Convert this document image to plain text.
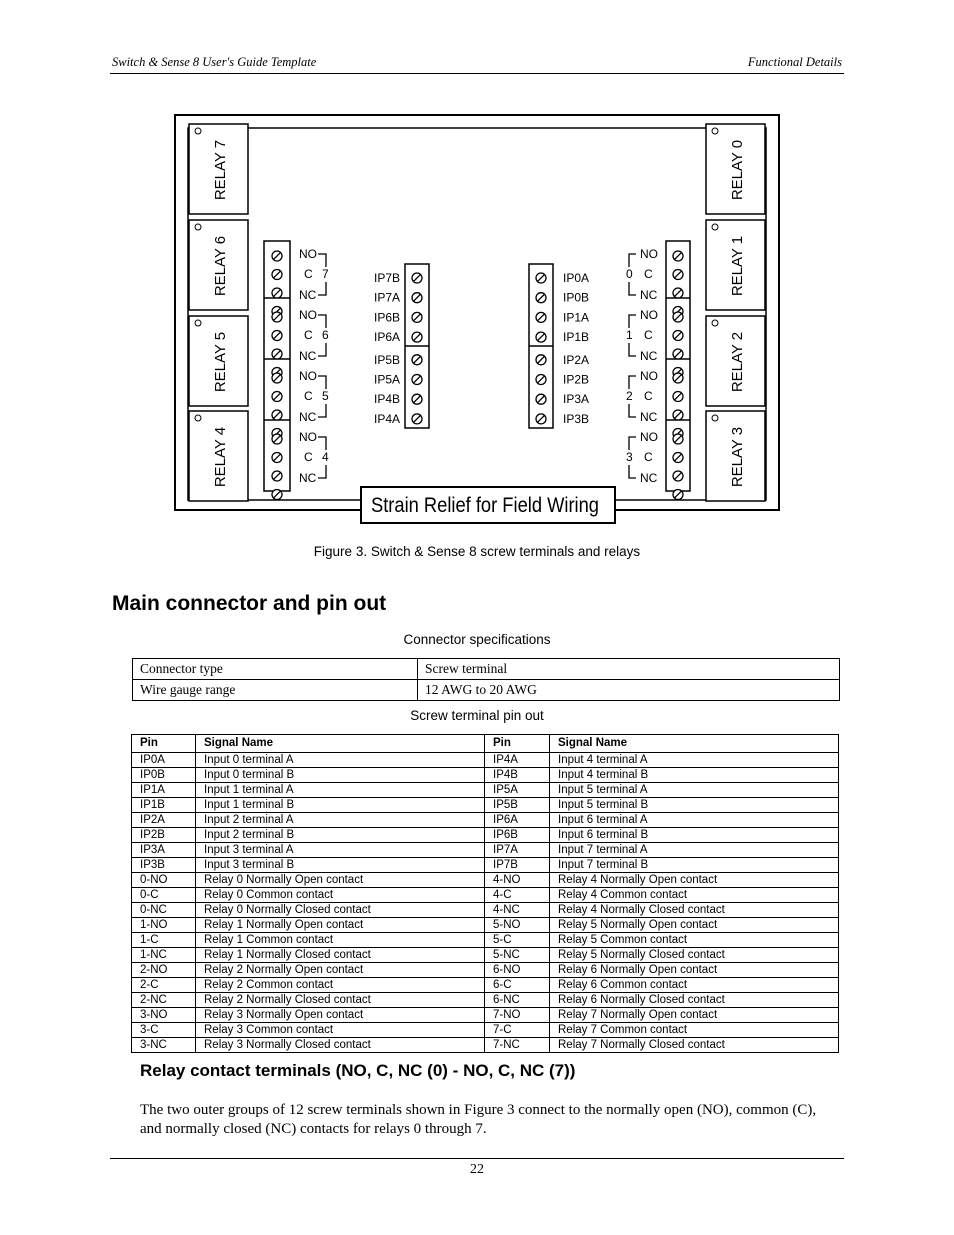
Switch & Sense 8 User's Guide Template	Functional Details
RELAY 7
RELAY 6
RELAY 5
RELAY 4
RELAY 0
RELAY 1
RELAY 2
RELAY 3
NO
C
NC
7
NO
C
NC
0
NO
C
NC
6
NO
C
NC
1
NO
C
NC
5
NO
C
NC
2
NO
C
NC
4
NO
C
NC
3
IP7B
IP7A
IP6B
IP6A
IP5B
IP5A
IP4B
IP4A
IP0A
IP0B
IP1A
IP1B
IP2A
IP2B
IP3A
IP3B
Strain Relief for Field Wiring
Figure 3. Switch & Sense 8 screw terminals and relays
Main connector and pin out
Connector specifications
Connector type	Screw terminal
Wire gauge range	12 AWG to 20 AWG
Screw terminal pin out
Pin	Signal Name	Pin	Signal Name
IP0A	Input 0 terminal A	IP4A	Input 4 terminal A
IP0B	Input 0 terminal B	IP4B	Input 4 terminal B
IP1A	Input 1 terminal A	IP5A	Input 5 terminal A
IP1B	Input 1 terminal B	IP5B	Input 5 terminal B
IP2A	Input 2 terminal A	IP6A	Input 6 terminal A
IP2B	Input 2 terminal B	IP6B	Input 6 terminal B
IP3A	Input 3 terminal A	IP7A	Input 7 terminal A
IP3B	Input 3 terminal B	IP7B	Input 7 terminal B
0-NO	Relay 0 Normally Open contact	4-NO	Relay 4 Normally Open contact
0-C	Relay 0 Common contact	4-C	Relay 4 Common contact
0-NC	Relay 0 Normally Closed contact	4-NC	Relay 4 Normally Closed contact
1-NO	Relay 1 Normally Open contact	5-NO	Relay 5 Normally Open contact
1-C	Relay 1 Common contact	5-C	Relay 5 Common contact
1-NC	Relay 1 Normally Closed contact	5-NC	Relay 5 Normally Closed contact
2-NO	Relay 2 Normally Open contact	6-NO	Relay 6 Normally Open contact
2-C	Relay 2 Common contact	6-C	Relay 6 Common contact
2-NC	Relay 2 Normally Closed contact	6-NC	Relay 6 Normally Closed contact
3-NO	Relay 3 Normally Open contact	7-NO	Relay 7 Normally Open contact
3-C	Relay 3 Common contact	7-C	Relay 7 Common contact
3-NC	Relay 3 Normally Closed contact	7-NC	Relay 7 Normally Closed contact
Relay contact terminals (NO, C, NC (0) - NO, C, NC (7))
The two outer groups of 12 screw terminals shown in Figure 3 connect to the normally open (NO), common (C), and normally closed (NC) contacts for relays 0 through 7.
22
